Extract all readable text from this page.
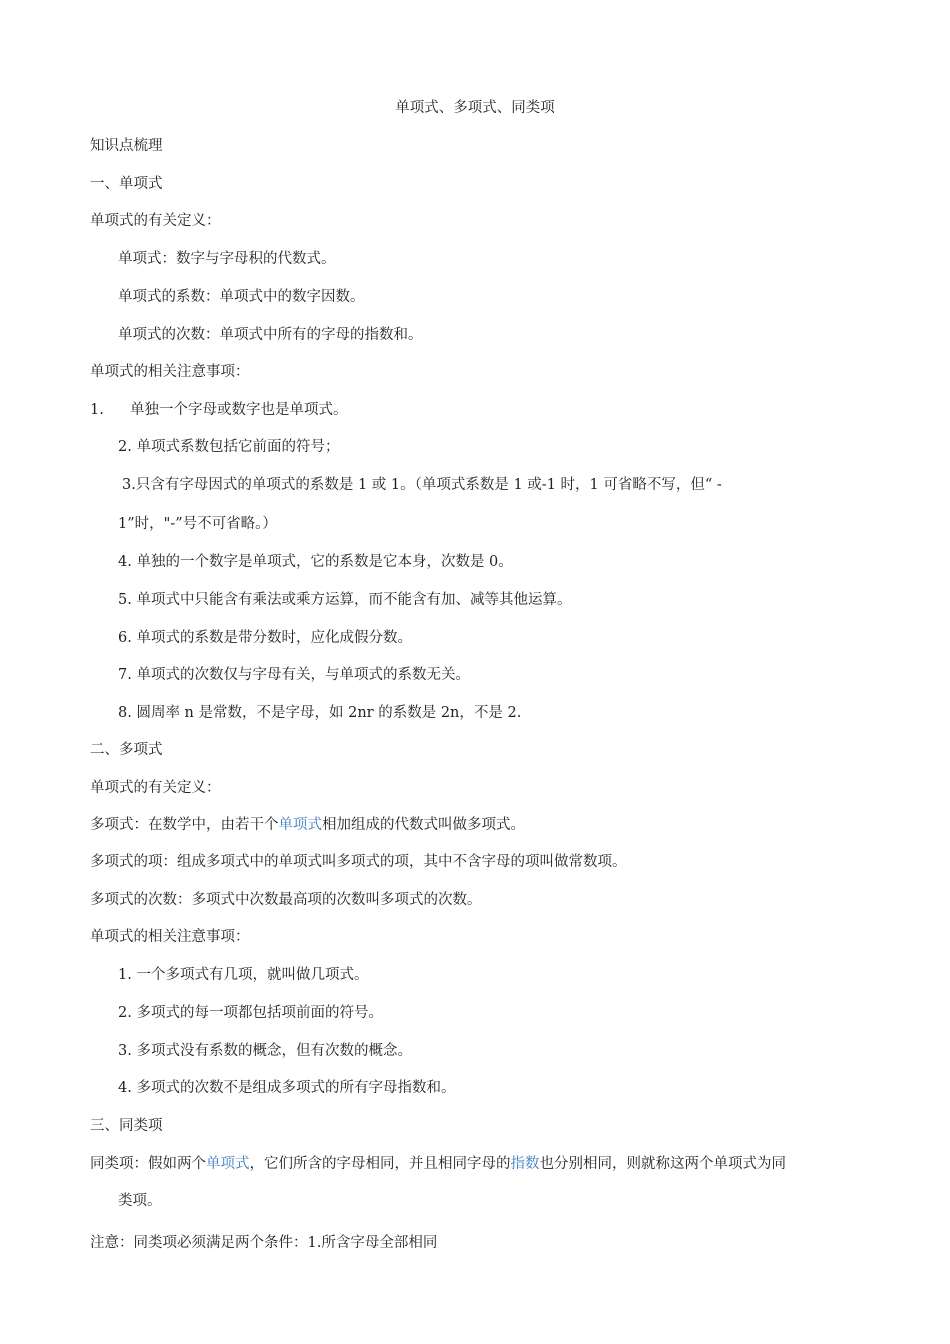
单项式、多项式、同类项
知识点梳理
一、单项式
单项式的有关定义：
单项式：数字与字母积的代数式。
单项式的系数：单项式中的数字因数。
单项式的次数：单项式中所有的字母的指数和。
单项式的相关注意事项：
1. 单独一个字母或数字也是单项式。
2. 单项式系数包括它前面的符号；
3.只含有字母因式的单项式的系数是 1 或 1。（单项式系数是 1 或-1 时，1 可省略不写，但“ -
1”时，"-”号不可省略。）
4. 单独的一个数字是单项式，它的系数是它本身，次数是 0。
5. 单项式中只能含有乘法或乘方运算，而不能含有加、减等其他运算。
6. 单项式的系数是带分数时，应化成假分数。
7. 单项式的次数仅与字母有关，与单项式的系数无关。
8. 圆周率 n 是常数，不是字母，如 2nr 的系数是 2n，不是 2.
二、多项式
单项式的有关定义：
多项式：在数学中，由若干个单项式相加组成的代数式叫做多项式。
多项式的项：组成多项式中的单项式叫多项式的项，其中不含字母的项叫做常数项。
多项式的次数：多项式中次数最高项的次数叫多项式的次数。
单项式的相关注意事项：
1. 一个多项式有几项，就叫做几项式。
2. 多项式的每一项都包括项前面的符号。
3. 多项式没有系数的概念，但有次数的概念。
4. 多项式的次数不是组成多项式的所有字母指数和。
三、同类项
同类项：假如两个单项式，它们所含的字母相同，并且相同字母的指数也分别相同，则就称这两个单项式为同
类项。
注意：同类项必须满足两个条件：1.所含字母全部相同
